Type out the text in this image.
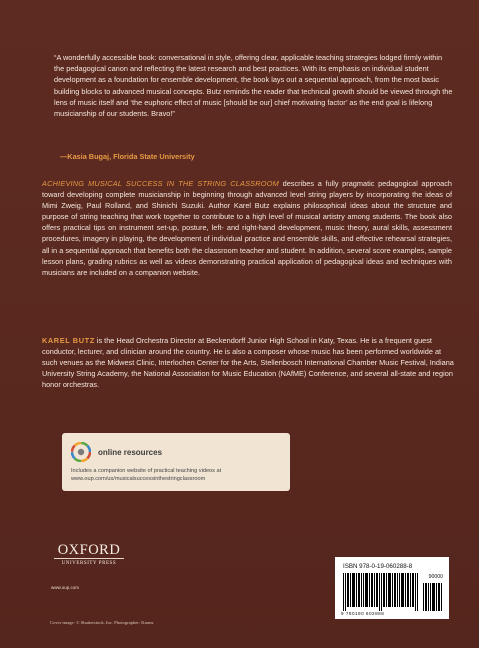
“A wonderfully accessible book: conversational in style, offering clear, applicable teaching strategies lodged firmly within the pedagogical canon and reflecting the latest research and best practices. With its emphasis on individual student development as a foundation for ensemble development, the book lays out a sequential approach, from the most basic building blocks to advanced musical concepts. Butz reminds the reader that technical growth should be viewed through the lens of music itself and ‘the euphoric effect of music [should be our] chief motivating factor’ as the end goal is lifelong musicianship of our students. Bravo!”
—Kasia Bugaj, Florida State University
ACHIEVING MUSICAL SUCCESS IN THE STRING CLASSROOM describes a fully pragmatic pedagogical approach toward developing complete musicianship in beginning through advanced level string players by incorporating the ideas of Mimi Zweig, Paul Rolland, and Shinichi Suzuki. Author Karel Butz explains philosophical ideas about the structure and purpose of string teaching that work together to contribute to a high level of musical artistry among students. The book also offers practical tips on instrument set-up, posture, left- and right-hand development, music theory, aural skills, assessment procedures, imagery in playing, the development of individual practice and ensemble skills, and effective rehearsal strategies, all in a sequential approach that benefits both the classroom teacher and student. In addition, several score examples, sample lesson plans, grading rubrics as well as videos demonstrating practical application of pedagogical ideas and techniques with musicians are included on a companion website.
KAREL BUTZ is the Head Orchestra Director at Beckendorff Junior High School in Katy, Texas. He is a frequent guest conductor, lecturer, and clinician around the country. He is also a composer whose music has been performed worldwide at such venues as the Midwest Clinic, Interlochen Center for the Arts, Stellenbosch International Chamber Music Festival, Indiana University String Academy, the National Association for Music Education (NAfME) Conference, and several all-state and region honor orchestras.
online resources
Includes a companion website of practical teaching videos at www.oup.com/us/musicalsuccessinthestringclassroom
OXFORD
UNIVERSITY PRESS
www.oup.com
Cover image: © Shutterstock, Inc. Photographer: Kanea.
ISBN 978-0-19-060288-8
90000
9 780190 602888
